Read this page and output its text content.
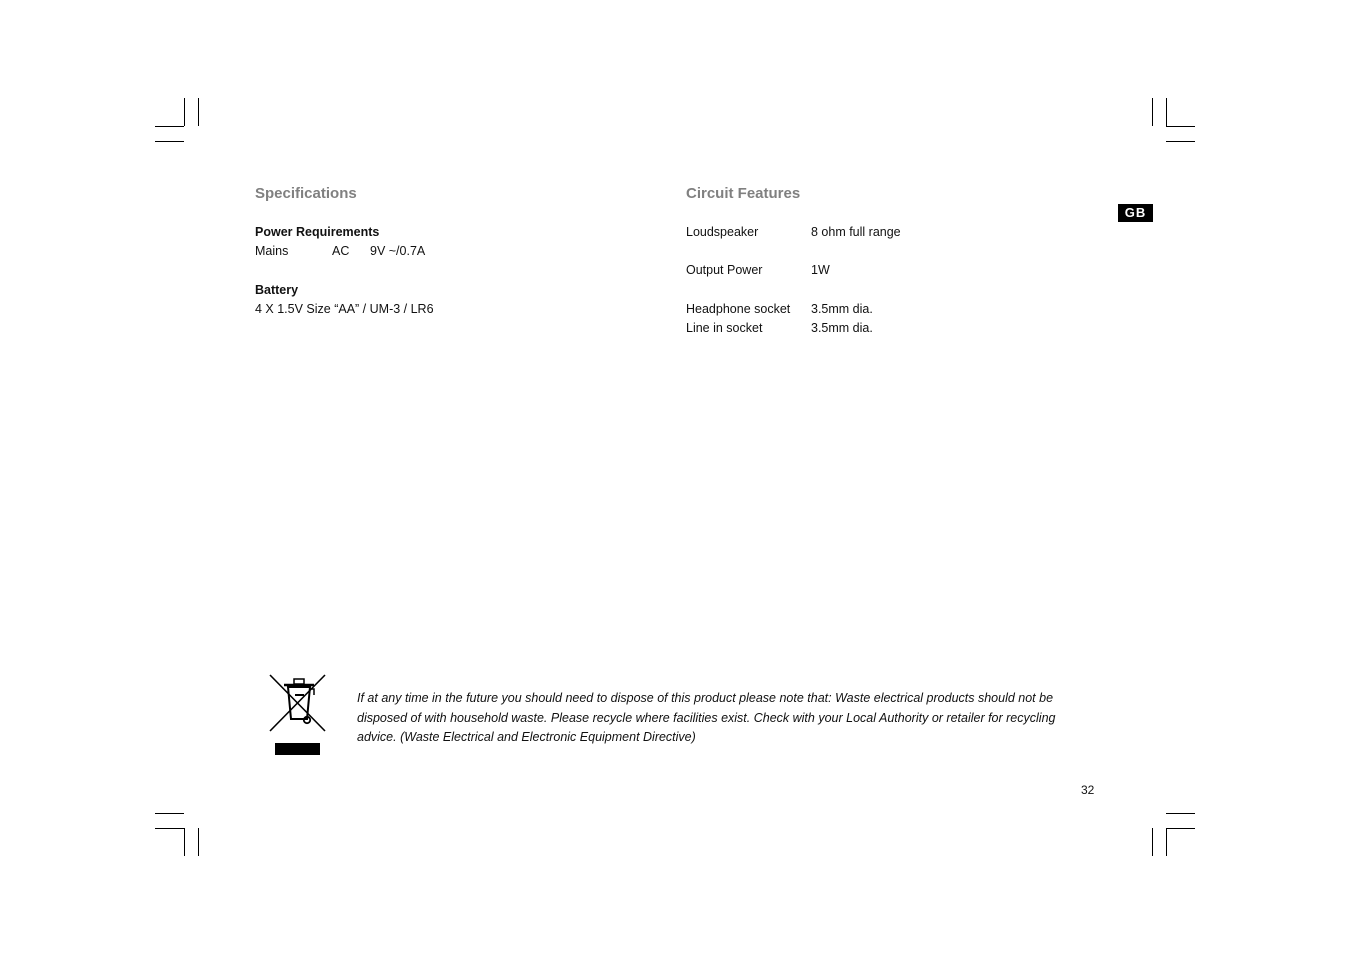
Specifications
Power Requirements
Mains	AC 9V ~/0.7A
Battery
4 X 1.5V Size “AA” / UM-3 / LR6
Circuit Features
Loudspeaker	8 ohm full range
Output Power	1W
Headphone socket 3.5mm dia.
Line in socket	3.5mm dia.
GB
If at any time in the future you should need to dispose of this product please note that: Waste electrical products should not be disposed of with household waste. Please recycle where facilities exist. Check with your Local Authority or retailer for recycling advice. (Waste Electrical and Electronic Equipment Directive)
32
